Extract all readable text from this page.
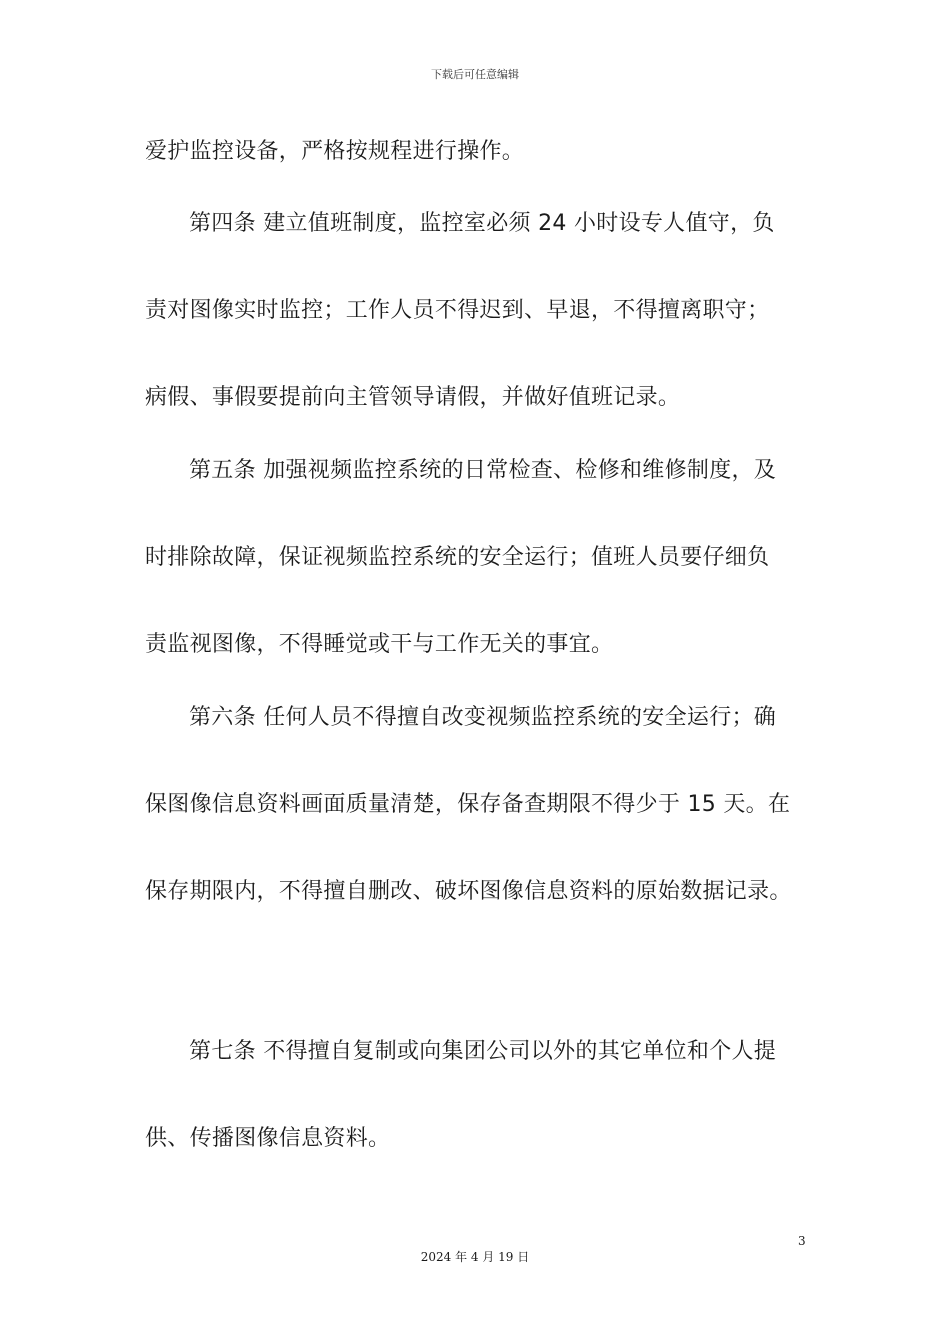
下载后可任意编辑
爱护监控设备，严格按规程进行操作。
第四条 建立值班制度，监控室必须 24 小时设专人值守，负
责对图像实时监控；工作人员不得迟到、早退，不得擅离职守；
病假、事假要提前向主管领导请假，并做好值班记录。
第五条 加强视频监控系统的日常检查、检修和维修制度，及
时排除故障，保证视频监控系统的安全运行；值班人员要仔细负
责监视图像，不得睡觉或干与工作无关的事宜。
第六条 任何人员不得擅自改变视频监控系统的安全运行；确
保图像信息资料画面质量清楚，保存备查期限不得少于 15 天。在
保存期限内，不得擅自删改、破坏图像信息资料的原始数据记录。
第七条 不得擅自复制或向集团公司以外的其它单位和个人提
供、传播图像信息资料。
3
2024 年 4 月 19 日
